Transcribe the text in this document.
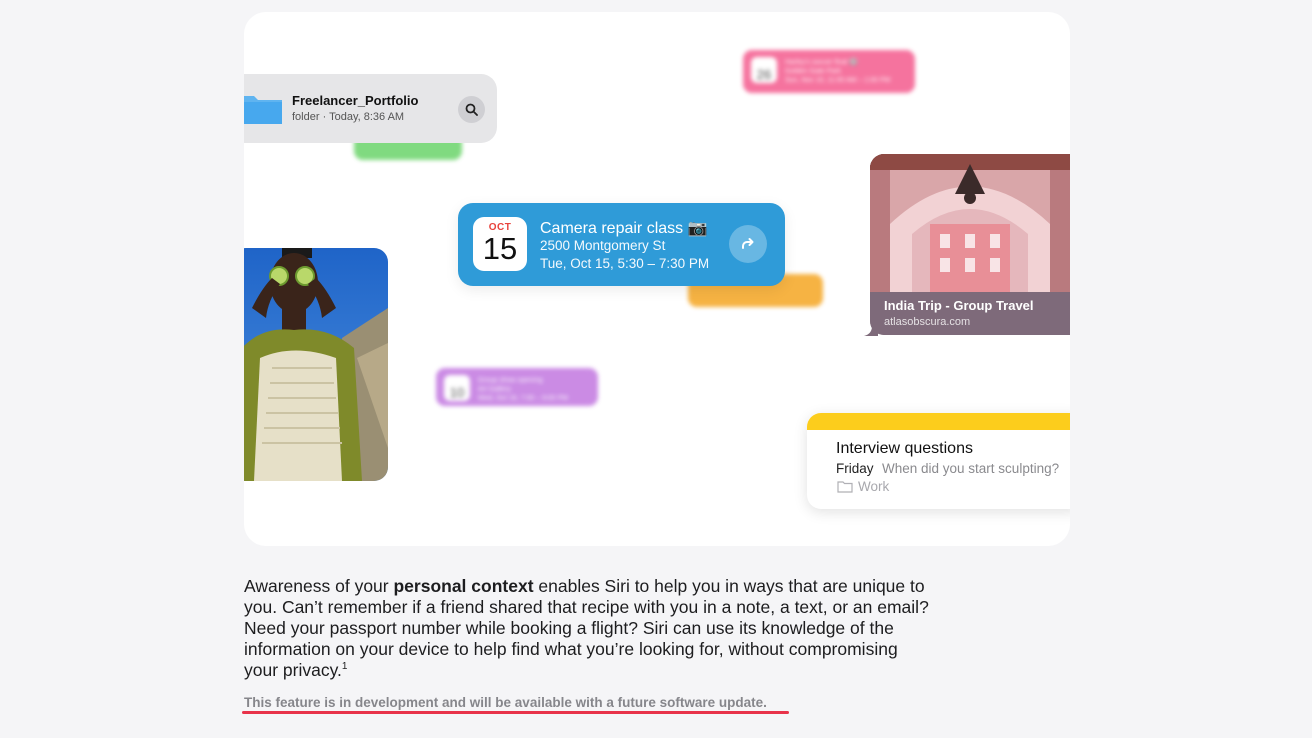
26
Harley's soccer final ⚽
Golden Gate Park
Sun, Nov 10, 11:00 AM – 1:00 PM
10
Group show opening
Art Gallery
Wed, Oct 16, 7:00 – 9:00 PM
Freelancer_Portfolio
folder · Today, 8:36 AM
OCT
15
Camera repair class 📷
2500 Montgomery St
Tue, Oct 15, 5:30 – 7:30 PM
India Trip - Group Travel
atlasobscura.com
Interview questions
Friday When did you start sculpting?
Work

Awareness of your personal context enables Siri to help you in ways that are unique to you. Can’t remember if a friend shared that recipe with you in a note, a text, or an email? Need your passport number while booking a flight? Siri can use its knowledge of the information on your device to help find what you’re looking for, without compromising your privacy.$^1$

This feature is in development and will be available with a future software update.
